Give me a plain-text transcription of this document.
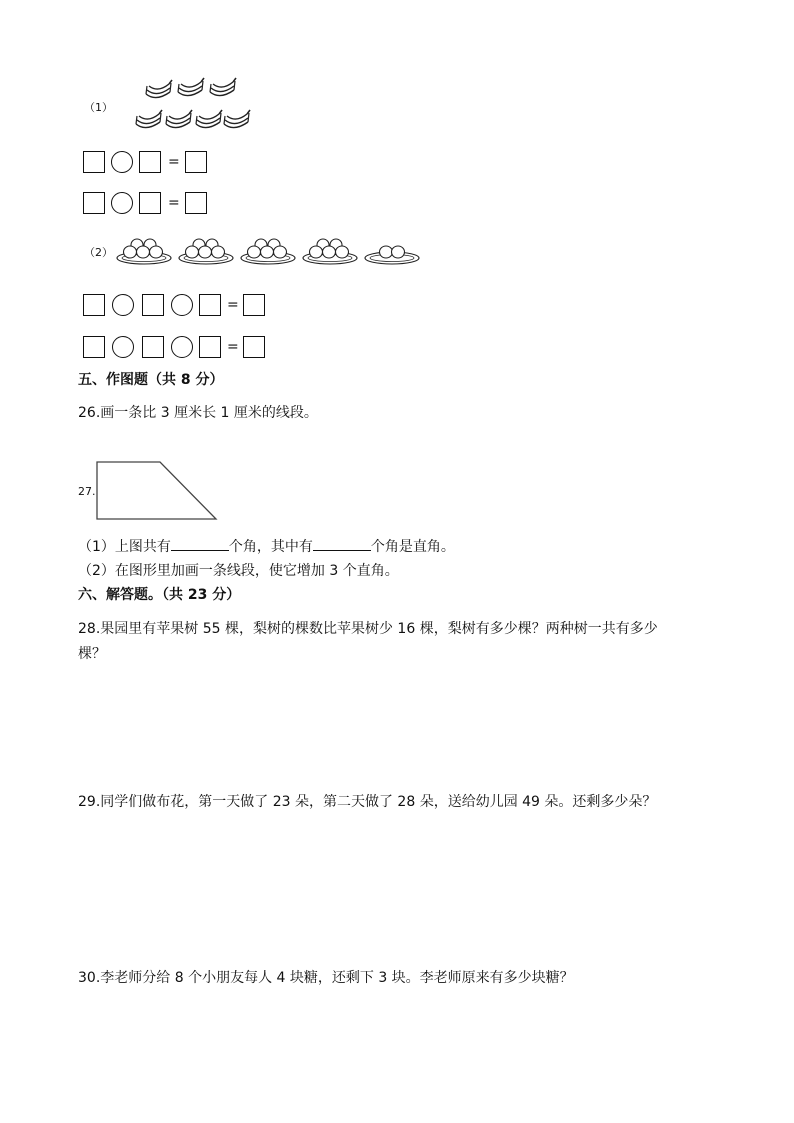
（1）
=
=
（2）
=
=
五、作图题（共 8 分）
26.画一条比 3 厘米长 1 厘米的线段。
27.
（1）上图共有	个角，其中有	个角是直角。
（2）在图形里加画一条线段，使它增加 3 个直角。
六、解答题。（共 23 分）
28.果园里有苹果树 55 棵，梨树的棵数比苹果树少 16 棵，梨树有多少棵？两种树一共有多少
棵？
29.同学们做布花，第一天做了 23 朵，第二天做了 28 朵，送给幼儿园 49 朵。还剩多少朵？
30.李老师分给 8 个小朋友每人 4 块糖，还剩下 3 块。李老师原来有多少块糖？
